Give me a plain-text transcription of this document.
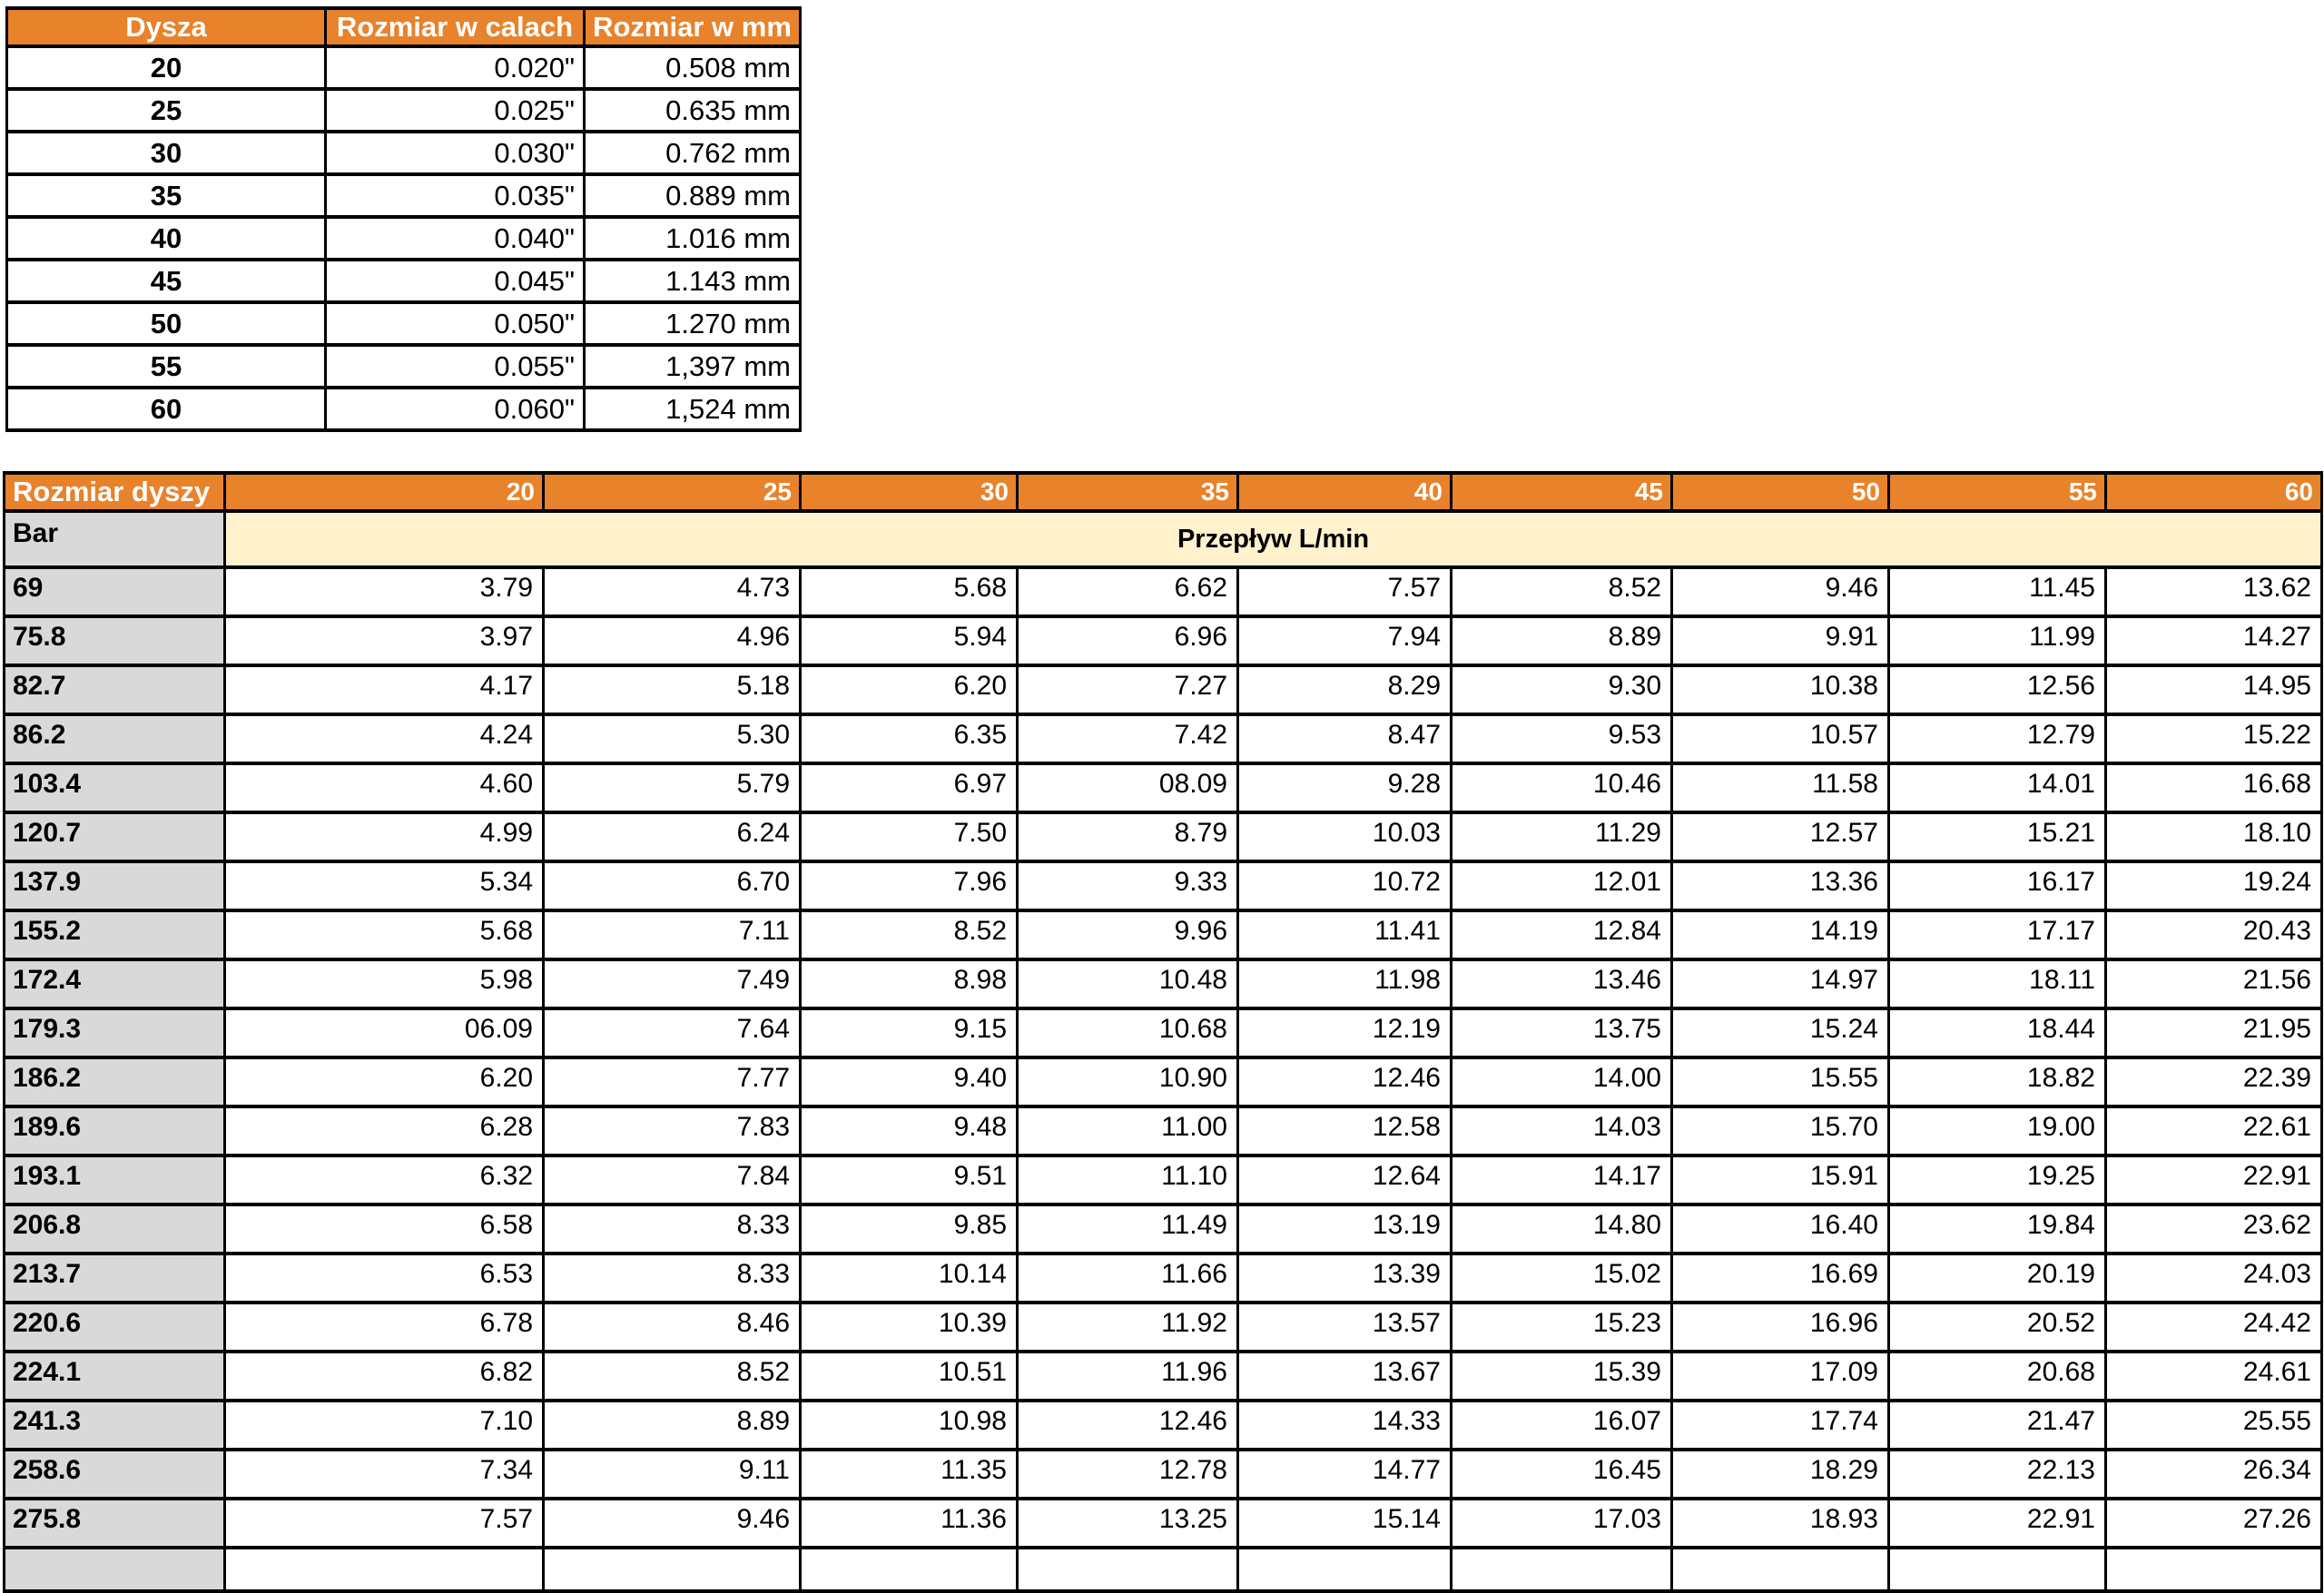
Dysza	Rozmiar w calach	Rozmiar w mm
20	0.020"	0.508 mm
25	0.025"	0.635 mm
30	0.030"	0.762 mm
35	0.035"	0.889 mm
40	0.040"	1.016 mm
45	0.045"	1.143 mm
50	0.050"	1.270 mm
55	0.055"	1,397 mm
60	0.060"	1,524 mm
Rozmiar dyszy	20	25	30	35	40	45	50	55	60
Bar	Przepływ L/min								
69	3.79	4.73	5.68	6.62	7.57	8.52	9.46	11.45	13.62
75.8	3.97	4.96	5.94	6.96	7.94	8.89	9.91	11.99	14.27
82.7	4.17	5.18	6.20	7.27	8.29	9.30	10.38	12.56	14.95
86.2	4.24	5.30	6.35	7.42	8.47	9.53	10.57	12.79	15.22
103.4	4.60	5.79	6.97	08.09	9.28	10.46	11.58	14.01	16.68
120.7	4.99	6.24	7.50	8.79	10.03	11.29	12.57	15.21	18.10
137.9	5.34	6.70	7.96	9.33	10.72	12.01	13.36	16.17	19.24
155.2	5.68	7.11	8.52	9.96	11.41	12.84	14.19	17.17	20.43
172.4	5.98	7.49	8.98	10.48	11.98	13.46	14.97	18.11	21.56
179.3	06.09	7.64	9.15	10.68	12.19	13.75	15.24	18.44	21.95
186.2	6.20	7.77	9.40	10.90	12.46	14.00	15.55	18.82	22.39
189.6	6.28	7.83	9.48	11.00	12.58	14.03	15.70	19.00	22.61
193.1	6.32	7.84	9.51	11.10	12.64	14.17	15.91	19.25	22.91
206.8	6.58	8.33	9.85	11.49	13.19	14.80	16.40	19.84	23.62
213.7	6.53	8.33	10.14	11.66	13.39	15.02	16.69	20.19	24.03
220.6	6.78	8.46	10.39	11.92	13.57	15.23	16.96	20.52	24.42
224.1	6.82	8.52	10.51	11.96	13.67	15.39	17.09	20.68	24.61
241.3	7.10	8.89	10.98	12.46	14.33	16.07	17.74	21.47	25.55
258.6	7.34	9.11	11.35	12.78	14.77	16.45	18.29	22.13	26.34
275.8	7.57	9.46	11.36	13.25	15.14	17.03	18.93	22.91	27.26
